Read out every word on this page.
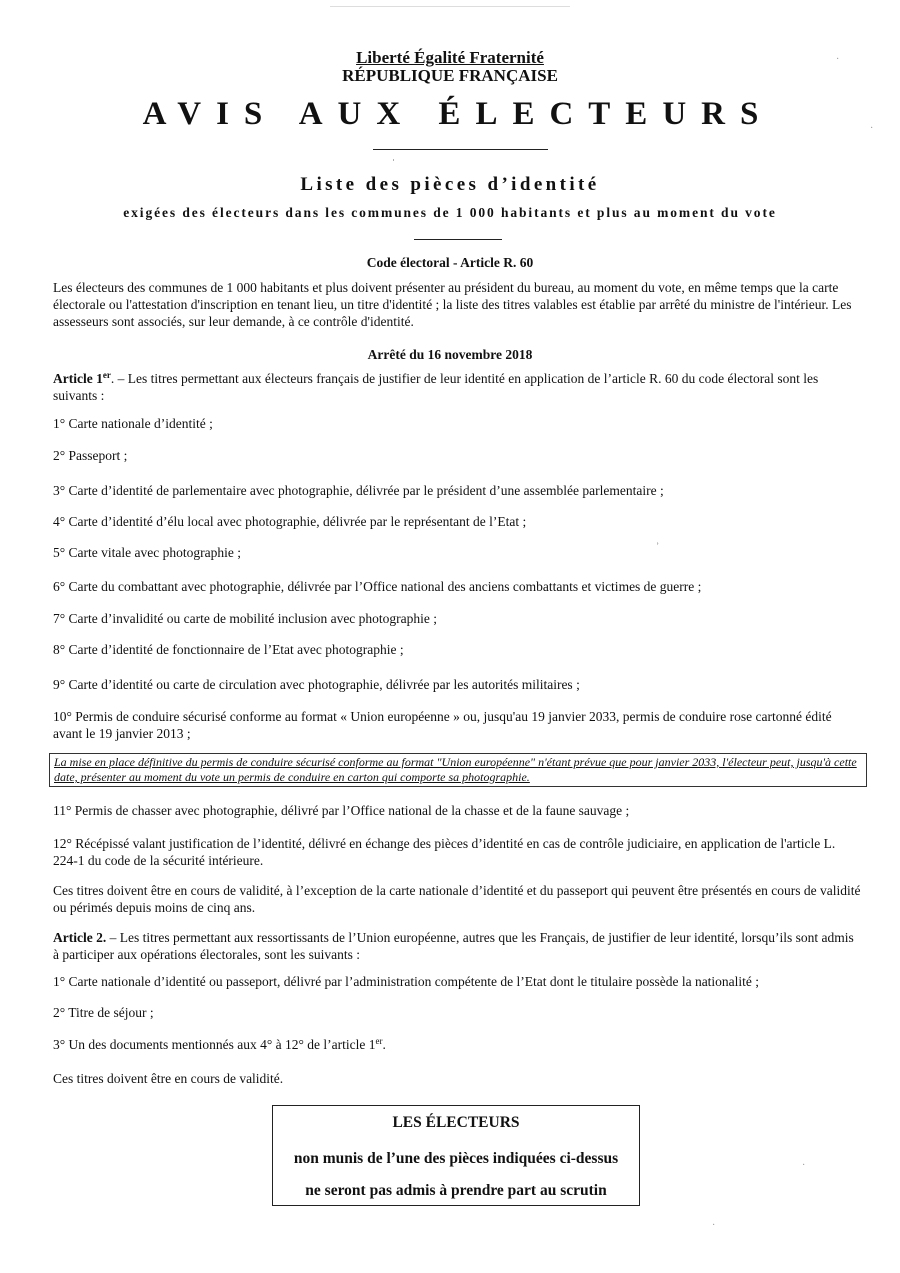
Liberté Égalité Fraternité
RÉPUBLIQUE FRANÇAISE
AVIS AUX ÉLECTEURS
Liste des pièces d’identité
exigées des électeurs dans les communes de 1 000 habitants et plus au moment du vote
Code électoral - Article R. 60
Les électeurs des communes de 1 000 habitants et plus doivent présenter au président du bureau, au moment du vote, en même temps que la carte électorale ou l'attestation d'inscription en tenant lieu, un titre d'identité ; la liste des titres valables est établie par arrêté du ministre de l'intérieur. Les assesseurs sont associés, sur leur demande, à ce contrôle d'identité.
Arrêté du 16 novembre 2018
Article 1er. – Les titres permettant aux électeurs français de justifier de leur identité en application de l’article R. 60 du code électoral sont les suivants :
1° Carte nationale d’identité ;
2° Passeport ;
3° Carte d’identité de parlementaire avec photographie, délivrée par le président d’une assemblée parlementaire ;
4° Carte d’identité d’élu local avec photographie, délivrée par le représentant de l’Etat ;
5° Carte vitale avec photographie ;
6° Carte du combattant avec photographie, délivrée par l’Office national des anciens combattants et victimes de guerre ;
7° Carte d’invalidité ou carte de mobilité inclusion avec photographie ;
8° Carte d’identité de fonctionnaire de l’Etat avec photographie ;
9° Carte d’identité ou carte de circulation avec photographie, délivrée par les autorités militaires ;
10° Permis de conduire sécurisé conforme au format « Union européenne » ou, jusqu'au 19 janvier 2033, permis de conduire rose cartonné édité avant le 19 janvier 2013 ;
La mise en place définitive du permis de conduire sécurisé conforme au format "Union européenne" n'étant prévue que pour janvier 2033, l'électeur peut, jusqu'à cette date, présenter au moment du vote un permis de conduire en carton qui comporte sa photographie.
11° Permis de chasser avec photographie, délivré par l’Office national de la chasse et de la faune sauvage ;
12° Récépissé valant justification de l’identité, délivré en échange des pièces d’identité en cas de contrôle judiciaire, en application de l'article L. 224-1 du code de la sécurité intérieure.
Ces titres doivent être en cours de validité, à l’exception de la carte nationale d’identité et du passeport qui peuvent être présentés en cours de validité ou périmés depuis moins de cinq ans.
Article 2. – Les titres permettant aux ressortissants de l’Union européenne, autres que les Français, de justifier de leur identité, lorsqu’ils sont admis à participer aux opérations électorales, sont les suivants :
1° Carte nationale d’identité ou passeport, délivré par l’administration compétente de l’Etat dont le titulaire possède la nationalité ;
2° Titre de séjour ;
3° Un des documents mentionnés aux 4° à 12° de l’article 1er.
Ces titres doivent être en cours de validité.
LES ÉLECTEURS
non munis de l’une des pièces indiquées ci-dessus
ne seront pas admis à prendre part au scrutin
ʾ
ʾ
·
·
·
·
